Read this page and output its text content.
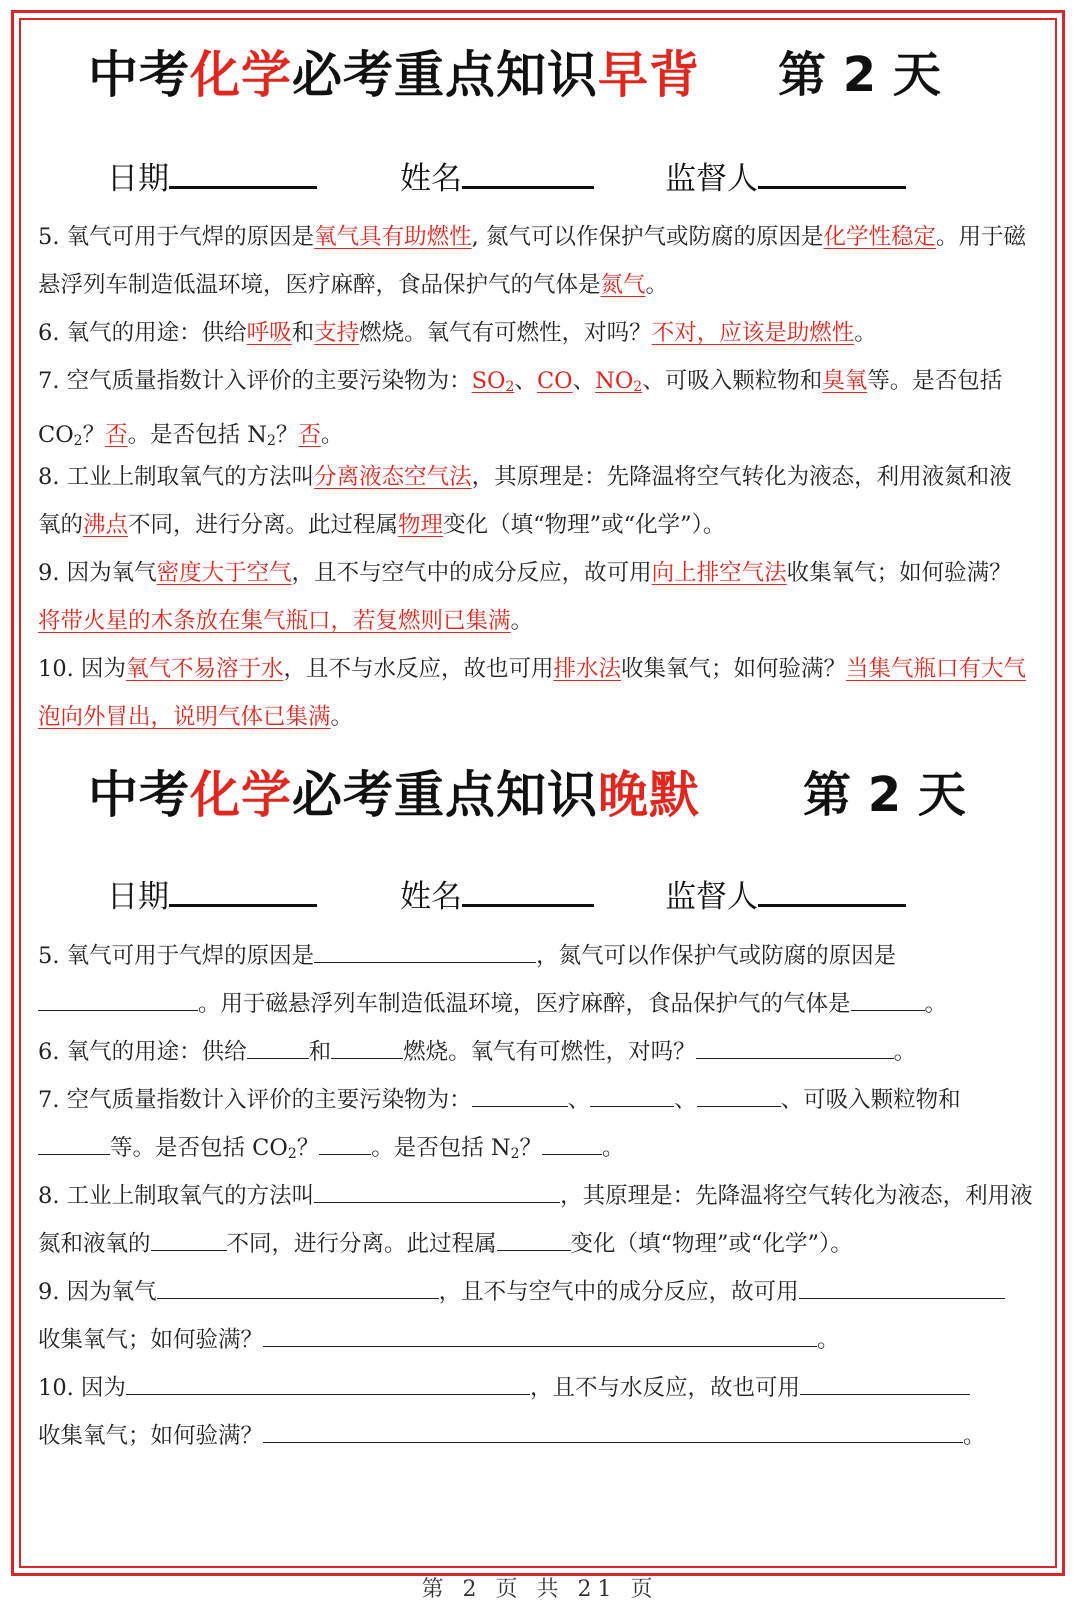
中考化学必考重点知识早背 第 2 天
日期	姓名	监督人
5. 氧气可用于气焊的原因是氧气具有助燃性, 氮气可以作保护气或防腐的原因是化学性稳定。用于磁悬浮列车制造低温环境，医疗麻醉，食品保护气的气体是氮气。
6. 氧气的用途：供给呼吸和支持燃烧。氧气有可燃性，对吗？不对，应该是助燃性。
7. 空气质量指数计入评价的主要污染物为：$SO_2$、CO、$NO_2$、可吸入颗粒物和臭氧等。是否包括 $CO_2$？否。是否包括 $N_2$？否。
8. 工业上制取氧气的方法叫分离液态空气法，其原理是：先降温将空气转化为液态，利用液氮和液氧的沸点不同，进行分离。此过程属物理变化（填“物理”或“化学”）。
9. 因为氧气密度大于空气，且不与空气中的成分反应，故可用向上排空气法收集氧气；如何验满？将带火星的木条放在集气瓶口，若复燃则已集满。
10. 因为氧气不易溶于水，且不与水反应，故也可用排水法收集氧气；如何验满？当集气瓶口有大气泡向外冒出，说明气体已集满。
中考化学必考重点知识晚默 第 2 天
日期	姓名	监督人
5. 氧气可用于气焊的原因是	，氮气可以作保护气或防腐的原因是
。用于磁悬浮列车制造低温环境，医疗麻醉，食品保护气的气体是	。
6. 氧气的用途：供给	和	燃烧。氧气有可燃性，对吗？	。
7. 空气质量指数计入评价的主要污染物为：	、	、	、可吸入颗粒物和
等。是否包括 $CO_2$？ 。是否包括 $N_2$？	。
8. 工业上制取氧气的方法叫	，其原理是：先降温将空气转化为液态，利用液氮和液氧的	不同，进行分离。此过程属	变化（填“物理”或“化学”）。
9. 因为氧气	，且不与空气中的成分反应，故可用
收集氧气；如何验满？	。
10. 因为	，且不与水反应，故也可用
收集氧气；如何验满？	。
第 2 页 共 21 页
